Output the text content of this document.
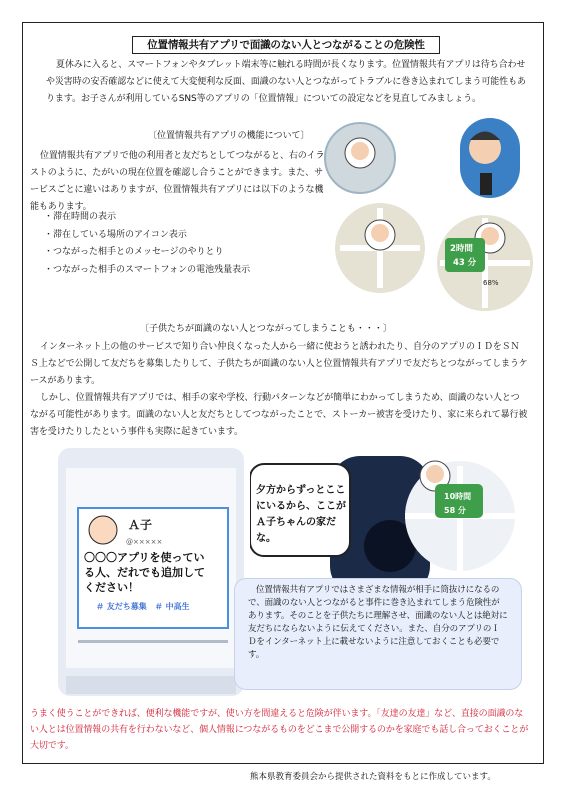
位置情報共有アプリで面識のない人とつながることの危険性
夏休みに入ると、スマートフォンやタブレット端末等に触れる時間が長くなります。位置情報共有アプリは待ち合わせや災害時の安否確認などに使えて大変便利な反面、面識のない人とつながってトラブルに巻き込まれてしまう可能性もあります。お子さんが利用しているSNS等のアプリの「位置情報」についての設定などを見直してみましょう。
〔位置情報共有アプリの機能について〕
位置情報共有アプリで他の利用者と友だちとしてつながると、右のイラストのように、たがいの現在位置を確認し合うことができます。また、サービスごとに違いはありますが、位置情報共有アプリには以下のような機能もあります。
・滞在時間の表示
・滞在している場所のアイコン表示
・つながった相手とのメッセージのやりとり
・つながった相手のスマートフォンの電池残量表示
2時間
43 分
68%
〔子供たちが面識のない人とつながってしまうことも・・・〕
インターネット上の他のサービスで知り合い仲良くなった人から一緒に使おうと誘われたり、自分のアプリのＩＤをＳＮＳ上などで公開して友だちを募集したりして、子供たちが面識のない人と位置情報共有アプリで友だちとつながってしまうケースがあります。
しかし、位置情報共有アプリでは、相手の家や学校、行動パターンなどが簡単にわかってしまうため、面識のない人とつながる可能性があります。面識のない人と友だちとしてつながったことで、ストーカー被害を受けたり、家に来られて暴行被害を受けたりしたという事件も実際に起きています。
Ａ子
@×××××
〇〇〇アプリを使っている人、だれでも追加してください！
＃ 友だち募集　＃ 中高生
夕方からずっとここにいるから、ここがＡ子ちゃんの家だな。
10時間
58 分
位置情報共有アプリではさまざまな情報が相手に筒抜けになるので、面識のない人とつながると事件に巻き込まれてしまう危険性があります。そのことを子供たちに理解させ、面識のない人とは絶対に友だちにならないように伝えてください。また、自分のアプリのＩＤをインターネット上に載せないように注意しておくことも必要です。
うまく使うことができれば、便利な機能ですが、使い方を間違えると危険が伴います。「友達の友達」など、直接の面識のない人とは位置情報の共有を行わないなど、個人情報につながるものをどこまで公開するのかを家庭でも話し合っておくことが大切です。
熊本県教育委員会から提供された資料をもとに作成しています。
